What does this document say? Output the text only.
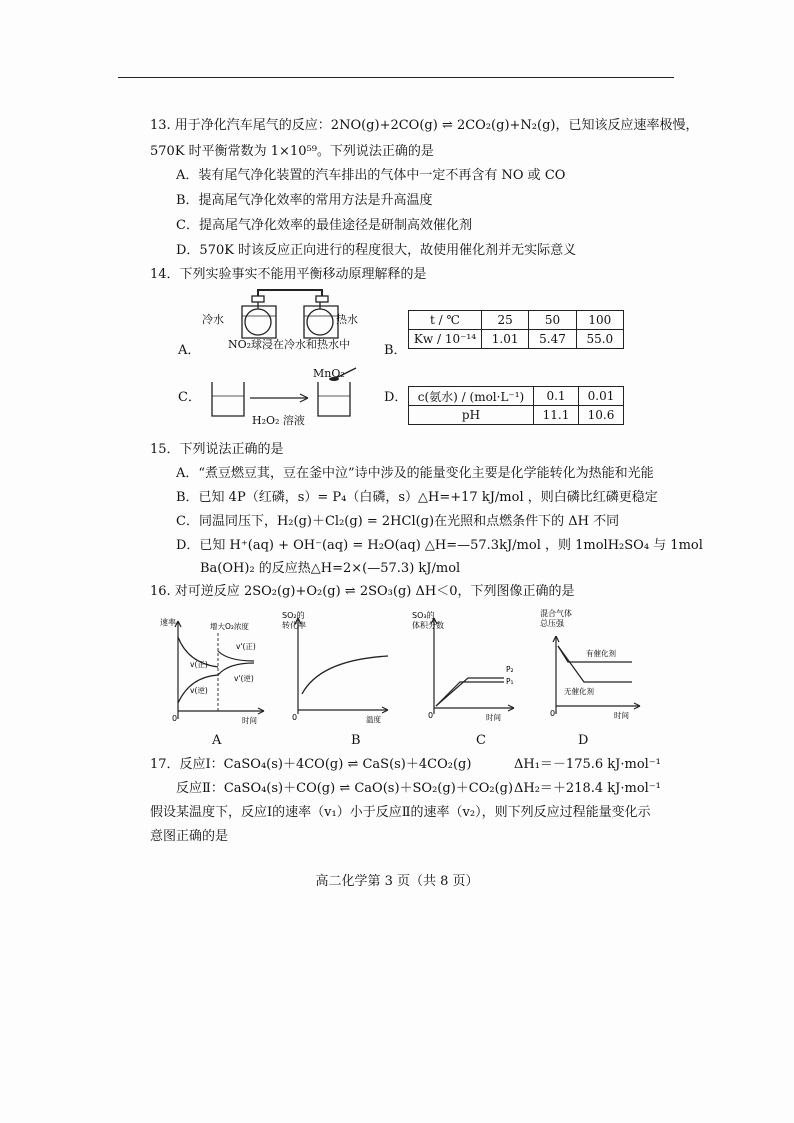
13. 用于净化汽车尾气的反应：2NO(g)+2CO(g) ⇌ 2CO₂(g)+N₂(g)，已知该反应速率极慢，
570K 时平衡常数为 1×10⁵⁹。下列说法正确的是
A．装有尾气净化装置的汽车排出的气体中一定不再含有 NO 或 CO
B．提高尾气净化效率的常用方法是升高温度
C．提高尾气净化效率的最佳途径是研制高效催化剂
D．570K 时该反应正向进行的程度很大，故使用催化剂并无实际意义
14．下列实验事实不能用平衡移动原理解释的是
A．
冷水	热水
NO₂球浸在冷水和热水中	B．
t / ℃	25	50	100
Kw / 10⁻¹⁴	1.01	5.47	55.0
C．
MnO₂
H₂O₂ 溶液
D． c(氨水) / (mol·L⁻¹)	0.1	0.01
pH	11.1	10.6
15．下列说法正确的是
A．“煮豆燃豆萁，豆在釜中泣”诗中涉及的能量变化主要是化学能转化为热能和光能
B．已知 4P（红磷，s）= P₄（白磷，s）△H=+17 kJ/mol ，则白磷比红磷更稳定
C．同温同压下，H₂(g)＋Cl₂(g) = 2HCl(g)在光照和点燃条件下的 ΔH 不同
D．已知 H⁺(aq) + OH⁻(aq) = H₂O(aq) △H=—57.3kJ/mol ，则 1molH₂SO₄ 与 1mol
Ba(OH)₂ 的反应热△H=2×(—57.3) kJ/mol
16. 对可逆反应 2SO₂(g)+O₂(g) ⇌ 2SO₃(g) ΔH＜0，下列图像正确的是
速率	增大O₂浓度
v(正)
v(逆)
v'(正)
v'(逆)
时间
0
A
SO₂的
转化率
温度
0
B
SO₃的
体积分数
P₂
P₁
时间
0
C
混合气体
总压强
有催化剂
无催化剂
时间
0
D
17．反应Ⅰ：CaSO₄(s)＋4CO(g) ⇌ CaS(s)＋4CO₂(g)	ΔH₁＝－175.6 kJ·mol⁻¹
反应Ⅱ：CaSO₄(s)＋CO(g) ⇌ CaO(s)＋SO₂(g)＋CO₂(g) ΔH₂＝＋218.4 kJ·mol⁻¹
假设某温度下，反应Ⅰ的速率（v₁）小于反应Ⅱ的速率（v₂），则下列反应过程能量变化示
意图正确的是
高二化学第 3 页（共 8 页）
